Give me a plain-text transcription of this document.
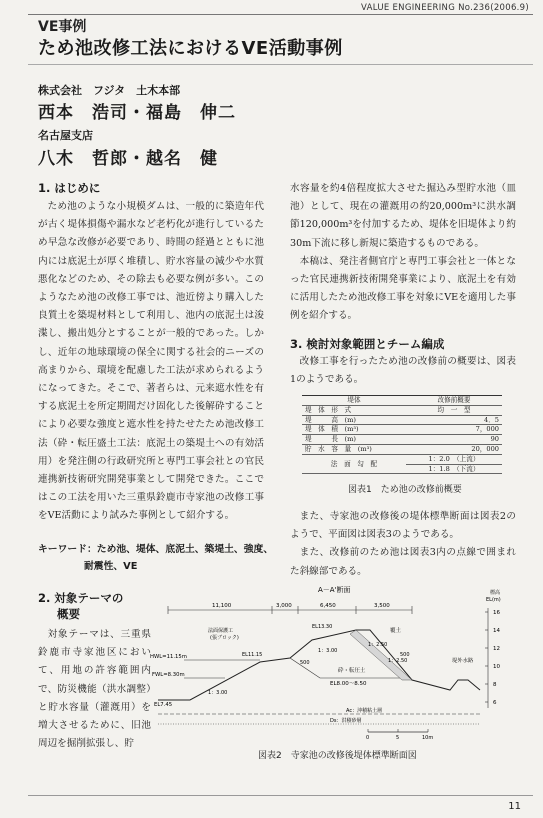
VALUE ENGINEERING No.236(2006.9)
VE事例
ため池改修工法におけるVE活動事例
株式会社　フジタ　土木本部
西本　浩司・福島　伸二
名古屋支店
八木　哲郎・越名　健
1. はじめに

ため池のような小規模ダムは、一般的に築造年代が古く堤体損傷や漏水など老朽化が進行しているため早急な改修が必要であり、時間の経過とともに池内には底泥土が厚く堆積し、貯水容量の減少や水質悪化などのため、その除去も必要な例が多い。このようなため池の改修工事では、池近傍より購入した良質土を築堤材料として利用し、池内の底泥土は浚渫し、搬出処分とすることが一般的であった。しかし、近年の地球環境の保全に関する社会的ニーズの高まりから、環境を配慮した工法が求められるようになってきた。そこで、著者らは、元来遮水性を有する底泥土を所定期間だけ固化した後解砕することにより必要な強度と遮水性を持たせたため池改修工法（砕・転圧盛土工法：底泥土の築堤土への有効活用）を発注側の行政研究所と専門工事会社との官民連携新技術研究開発事業として開発できた。ここではこの工法を用いた三重県鈴鹿市寺家池の改修工事をVE活動により試みた事例として紹介する。

キーワード：ため池、堤体、底泥土、築堤土、強度、
耐震性、VE
2. 対象テーマの
概要

対象テーマは、三重県鈴鹿市寺家池区において、用地の許容範囲内で、防災機能（洪水調整）と貯水容量（灌漑用）を増大させるために、旧池周辺を掘削拡張し、貯

水容量を約4倍程度拡大させた掘込み型貯水池（皿池）として、現在の灌漑用の約20,000m³に洪水調節120,000m³を付加するため、堤体を旧堤体より約30m下流に移し新規に築造するものである。

本稿は、発注者側官庁と専門工事会社と一体となった官民連携新技術開発事業により、底泥土を有効に活用したため池改修工事を対象にVEを適用した事例を紹介する。

3. 検討対象範囲とチーム編成

改修工事を行ったため池の改修前の概要は、図表1のようである。

堤体	改修前概要
堤　体　形　式	均　一　型
堤　　　高　(m)	4．5
堤　体　積　(m³)	7，000
堤　　　長　(m)	90
貯　水　容　量　(m³)	20，000
法　面　勾　配	1：2.0　（上流）
	1：1.8　（下流）
図表1　ため池の改修前概要

また、寺家池の改修後の堤体標準断面は図表2のようで、平面図は図表3のようである。

また、改修前のため池は図表3内の点線で囲まれた斜線部である。

A－A'断面
11,100	3,000	6,450	3,500
HWL=11.15m
FWL=8.30m
EL7.45
法面保護工
(張ブロック)
EL11.15
EL13.30
1：3.00
1：3.00
1：2.50
1：2.50
500
500
砕・転圧土
EL8.00～8.50
覆土
堤外水路
Ac：沖積粘土層
Ds：洪積砂層
0	5	10m
標高
EL(m)
16
14
12
10
8
6
図表2　寺家池の改修後堤体標準断面図
11
